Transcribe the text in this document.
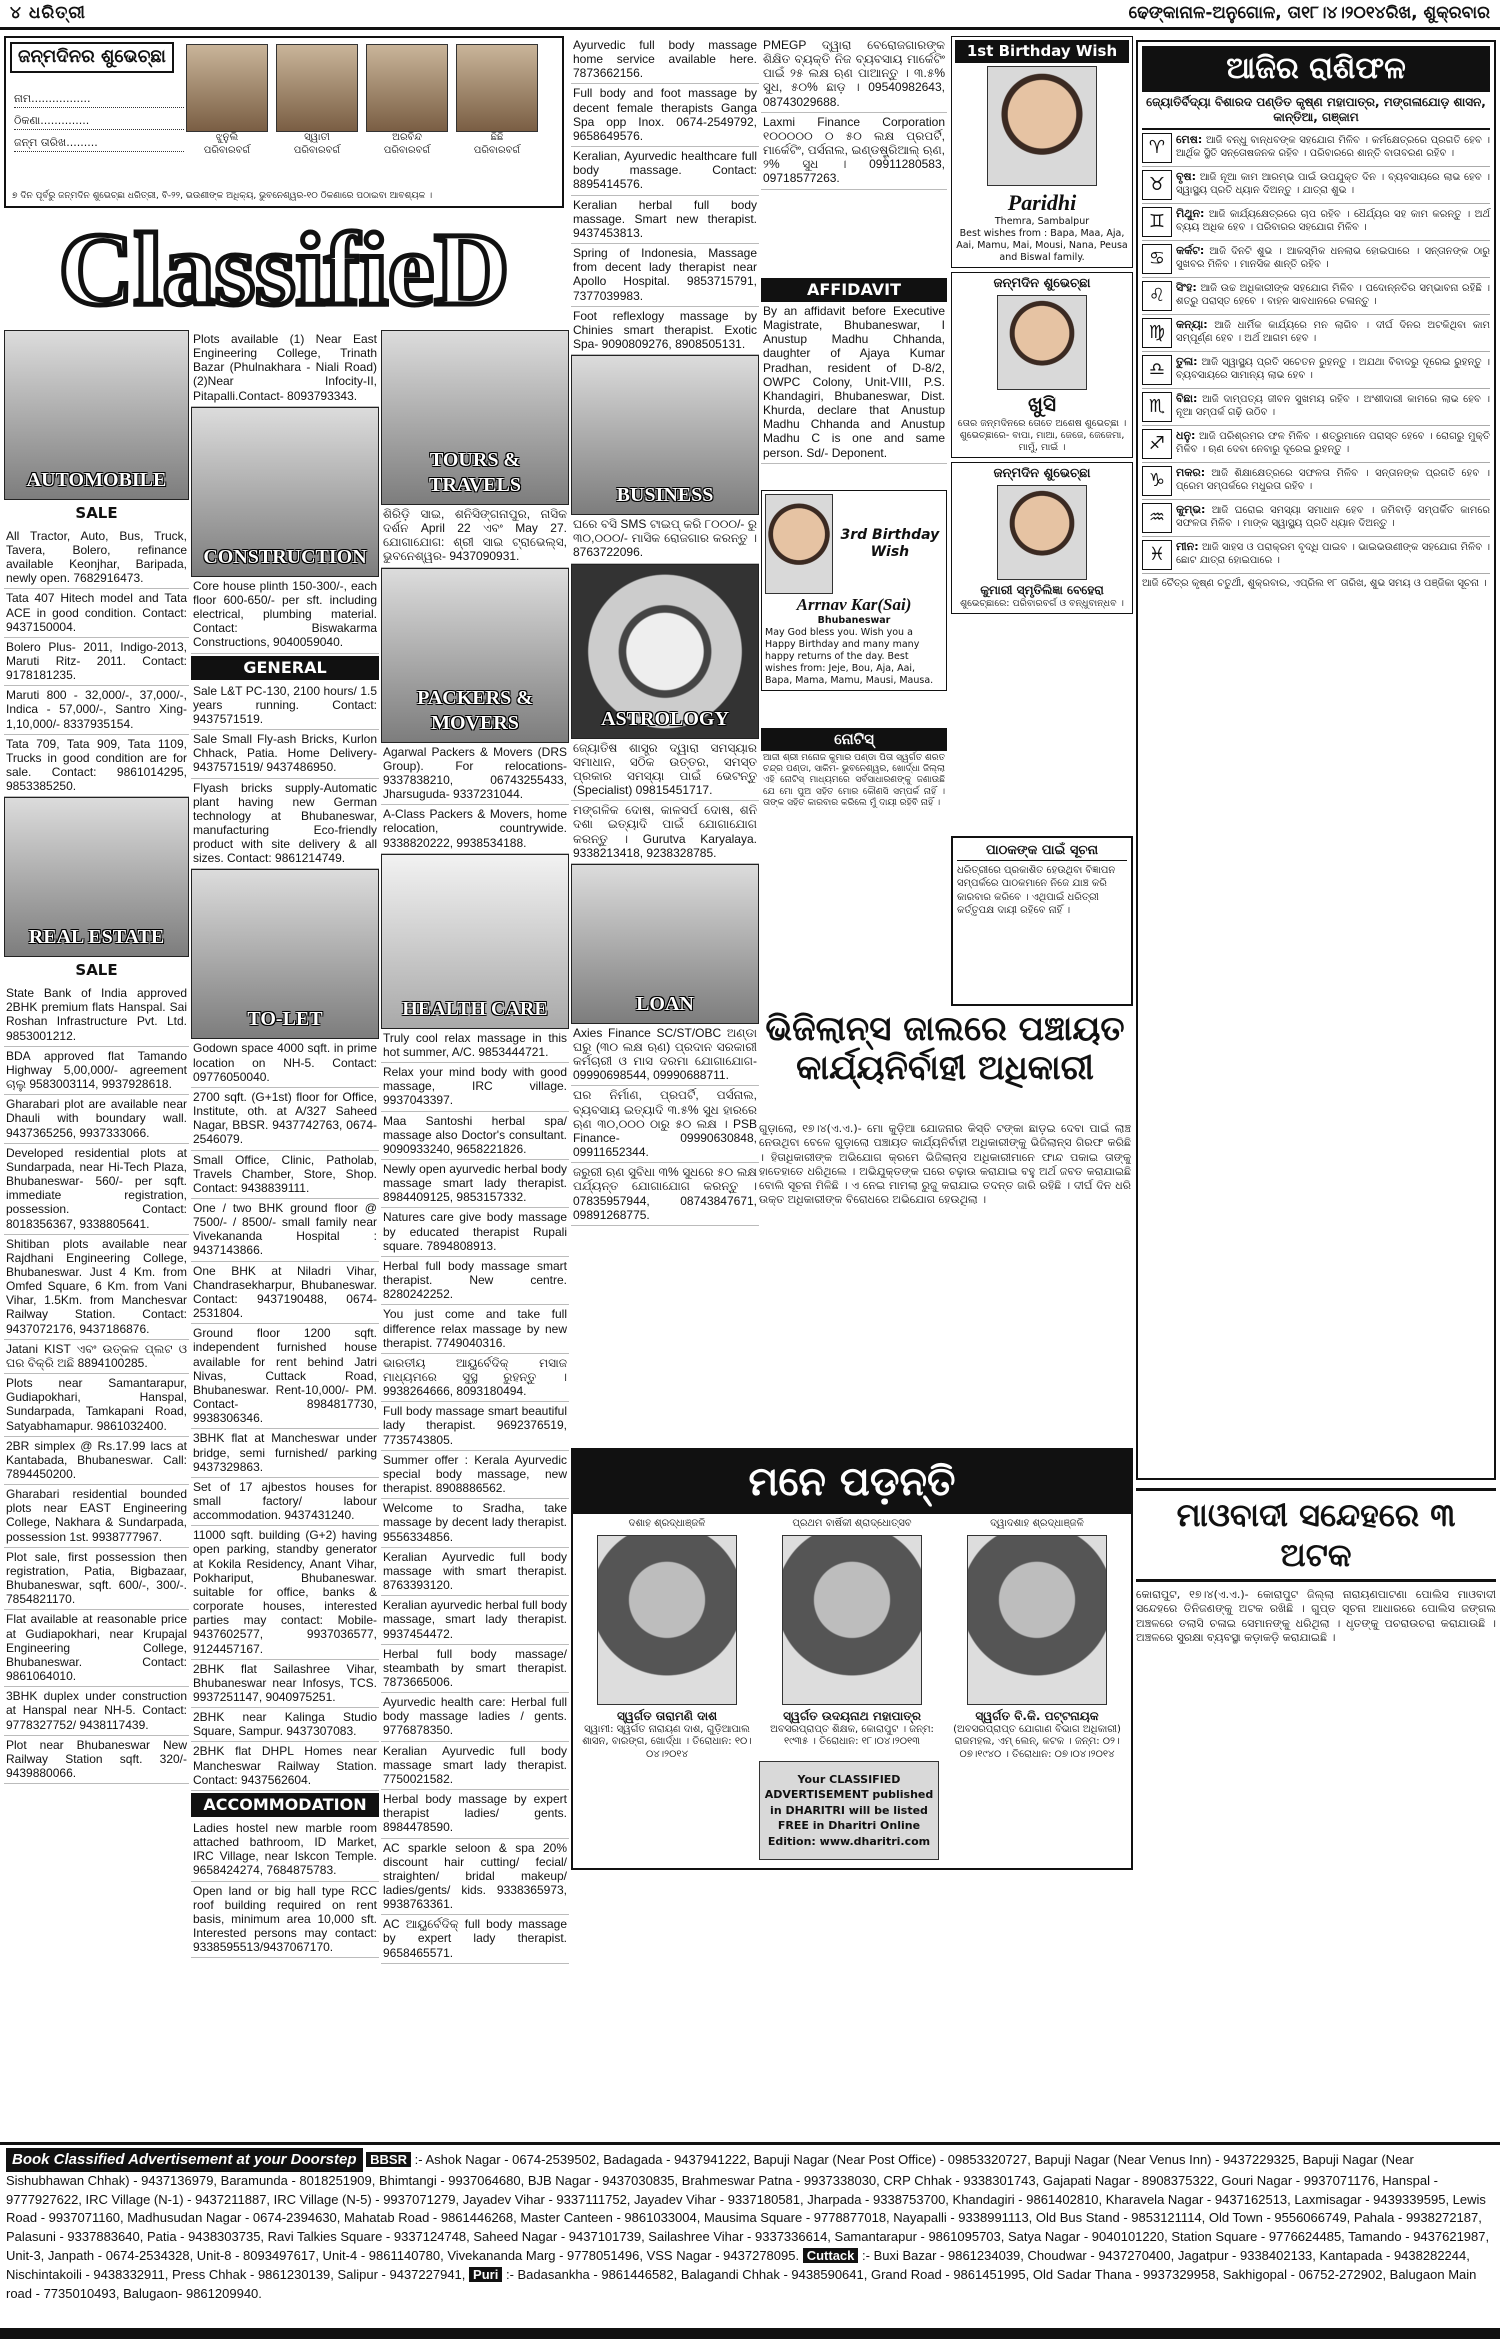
୪ ଧରିତ୍ରୀ	ଢେଙ୍କାନାଳ-ଅନୁଗୋଳ, ତା୧୮।୪।୨୦୧୪ରିଖ, ଶୁକ୍ରବାର
ଜନ୍ମଦିନର ଶୁଭେଚ୍ଛା
ନାମ.................
ଠିକଣା..............
ଜନ୍ମ ତାରିଖ.........	ଝୁନୁଲି
ପରିବାରବର୍ଗ
ସ୍ୱାତୀ
ପରିବାରବର୍ଗ
ଅରବିନ୍ଦ
ପରିବାରବର୍ଗ
ଛିଛି
ପରିବାରବର୍ଗ
୭ ଦିନ ପୂର୍ବରୁ ଜନ୍ମଦିନ ଶୁଭେଚ୍ଛା ଧରିତ୍ରୀ, ବି-୨୨, ଭଉଣୀଙ୍କ ଅଧିକ୍ୟ, ଭୁବନେଶ୍ୱର-୧୦ ଠିକଣାରେ ପଠାଇବା ଆବଶ୍ୟକ ।
ClassifieD
AUTOMOBILE
SALE
All Tractor, Auto, Bus, Truck, Tavera, Bolero, refinance available Keonjhar, Baripada, newly open. 7682916473.
Tata 407 Hitech model and Tata ACE in good condition. Contact: 9437150004.
Bolero Plus- 2011, Indigo-2013, Maruti Ritz- 2011. Contact: 9178181235.
Maruti 800 - 32,000/-, 37,000/-, Indica - 57,000/-, Santro Xing-1,10,000/- 8337935154.
Tata 709, Tata 909, Tata 1109, Trucks in good condition are for sale. Contact: 9861014295, 9853385250.
REAL ESTATE
SALE
State Bank of India approved 2BHK premium flats Hanspal. Sai Roshan Infrastructure Pvt. Ltd. 9853001212.
BDA approved flat Tamando Highway 5,00,000/- agreement ଚାଲୁ 9583003114, 9937928618.
Gharabari plot are available near Dhauli with boundary wall. 9437365256, 9937333066.
Developed residential plots at Sundarpada, near Hi-Tech Plaza, Bhubaneswar- 560/- per sqft. immediate registration, possession. Contact: 8018356367, 9338805641.
Shitiban plots available near Rajdhani Engineering College, Bhubaneswar. Just 4 Km. from Omfed Square, 6 Km. from Vani Vihar, 1.5Km. from Manchesvar Railway Station. Contact: 9437072176, 9437186876.
Jatani KIST ଏବଂ ଉତ୍କଳ ପ୍ଲଟ ଓ ଘର ବିକ୍ରି ଅଛି 8894100285.
Plots near Samantarapur, Gudiapokhari, Hanspal, Sundarpada, Tamkapani Road, Satyabhamapur. 9861032400.
2BR simplex @ Rs.17.99 lacs at Kantabada, Bhubaneswar. Call: 7894450200.
Gharabari residential bounded plots near EAST Engineering College, Nakhara & Sundarpada, possession 1st. 9938777967.
Plot sale, first possession then registration, Patia, Bigbazaar, Bhubaneswar, sqft. 600/-, 300/-. 7854821170.
Flat available at reasonable price at Gudiapokhari, near Krupajal Engineering College, Bhubaneswar. Contact: 9861064010.
3BHK duplex under construction at Hanspal near NH-5. Contact: 9778327752/ 9438117439.
Plot near Bhubaneswar New Railway Station sqft. 320/- 9439880066.
Plots available (1) Near East Engineering College, Trinath Bazar (Phulnakhara - Niali Road) (2)Near Infocity-II, Pitapalli.Contact- 8093793343.
CONSTRUCTION
Core house plinth 150-300/-, each floor 600-650/- per sft. including electrical, plumbing material. Contact: Biswakarma Constructions, 9040059040.
GENERAL
Sale L&T PC-130, 2100 hours/ 1.5 years running. Contact: 9437571519.
Sale Small Fly-ash Bricks, Kurlon Chhack, Patia. Home Delivery- 9437571519/ 9437486950.
Flyash bricks supply-Automatic plant having new German technology at Bhubaneswar, manufacturing Eco-friendly product with site delivery & all sizes. Contact: 9861214749.
TO-LET
Godown space 4000 sqft. in prime location on NH-5. Contact: 09776050040.
2700 sqft. (G+1st) floor for Office, Institute, oth. at A/327 Saheed Nagar, BBSR. 9437742763, 0674-2546079.
Small Office, Clinic, Patholab, Travels Chamber, Store, Shop. Contact: 9438839111.
One / two BHK ground floor @ 7500/- / 8500/- small family near Vivekananda Hospital : 9437143866.
One BHK at Niladri Vihar, Chandrasekharpur, Bhubaneswar. Contact: 9437190488, 0674-2531804.
Ground floor 1200 sqft. independent furnished house available for rent behind Jatri Nivas, Cuttack Road, Bhubaneswar. Rent-10,000/- PM. Contact- 8984817730, 9938306346.
3BHK flat at Mancheswar under bridge, semi furnished/ parking 9437329863.
Set of 17 ajbestos houses for small factory/ labour accommodation. 9437431240.
11000 sqft. building (G+2) having open parking, standby generator at Kokila Residency, Anant Vihar, Pokhariput, Bhubaneswar. suitable for office, banks & corporate houses, interested parties may contact: Mobile-9437602577, 9937036577, 9124457167.
2BHK flat Sailashree Vihar, Bhubaneswar near Infosys, TCS. 9937251147, 9040975251.
2BHK near Kalinga Studio Square, Sampur. 9437307083.
2BHK flat DHPL Homes near Mancheswar Railway Station. Contact: 9437562604.
ACCOMMODATION
Ladies hostel new marble room attached bathroom, ID Market, IRC Village, near Iskcon Temple. 9658424274, 7684875783.
Open land or big hall type RCC roof building required on rent basis, minimum area 10,000 sft. Interested persons may contact: 9338595513/9437067170.
TOURS & TRAVELS
ଶିରିଡ଼ି ସାଇ, ଶନିସିଙ୍ଗନାପୁର, ନାସିକ ଦର୍ଶନ April 22 ଏବଂ May 27. ଯୋଗାଯୋଗ: ଶ୍ରୀ ସାଇ ଟ୍ରାଭେଲ୍ସ, ଭୁବନେଶ୍ୱର- 9437090931.
PACKERS & MOVERS
Agarwal Packers & Movers (DRS Group). For relocations-9337838210, 06743255433, Jharsuguda- 9337231044.
A-Class Packers & Movers, home relocation, countrywide. 9338820222, 9938534188.
HEALTH CARE
Truly cool relax massage in this hot summer, A/C. 9853444721.
Relax your mind body with good massage, IRC village. 9937043397.
Maa Santoshi herbal spa/ massage also Doctor's consultant. 9090933240, 9658221826.
Newly open ayurvedic herbal body massage smart lady therapist. 8984409125, 9853157332.
Natures care give body massage by educated therapist Rupali square. 7894808913.
Herbal full body massage smart therapist. New centre. 8280242252.
You just come and take full difference relax massage by new therapist. 7749040316.
ଭାରତୀୟ ଆୟୁର୍ବେଦିକ୍ ମସାଜ ମାଧ୍ୟମରେ ସୁସ୍ଥ ରୁହନ୍ତୁ । 9938264666, 8093180494.
Full body massage smart beautiful lady therapist. 9692376519, 7735743805.
Summer offer : Kerala Ayurvedic special body massage, new therapist. 8908886562.
Welcome to Sradha, take massage by decent lady therapist. 9556334856.
Keralian Ayurvedic full body massage with smart therapist. 8763393120.
Keralian ayurvedic herbal full body massage, smart lady therapist. 9937454472.
Herbal full body massage/ steambath by smart therapist. 7873665006.
Ayurvedic health care: Herbal full body massage ladies / gents. 9776878350.
Keralian Ayurvedic full body massage smart lady therapist. 7750021582.
Herbal body massage by expert therapist ladies/ gents. 8984478590.
AC sparkle seloon & spa 20% discount hair cutting/ fecial/ straighten/ bridal makeup/ ladies/gents/ kids. 9338365973, 9938763361.
AC ଆୟୁର୍ବେଦିକ୍ full body massage by expert lady therapist. 9658465571.
Ayurvedic full body massage home service available here. 7873662156.
Full body and foot massage by decent female therapists Ganga Spa opp Inox. 0674-2549792, 9658649576.
Keralian, Ayurvedic healthcare full body massage. Contact: 8895414576.
Keralian herbal full body massage. Smart new therapist. 9437453813.
Spring of Indonesia, Massage from decent lady therapist near Apollo Hospital. 9853715791, 7377039983.
Foot reflexlogy massage by Chinies smart therapist. Exotic Spa- 9090809276, 8908505131.
BUSINESS
ଘରେ ବସି SMS ଟାଇପ୍ କରି ୮୦୦୦/- ରୁ ୩୦,୦୦୦/- ମାସିକ ରୋଜଗାର କରନ୍ତୁ । 8763722096.
ASTROLOGY
ଜ୍ୟୋତିଷ ଶାସ୍ତ୍ର ଦ୍ୱାରା ସମସ୍ୟାର ସମାଧାନ, ସଠିକ ଉତ୍ତର, ସମସ୍ତ ପ୍ରକାର ସମସ୍ୟା ପାଇଁ ଭେଟନ୍ତୁ (Specialist) 09815451717.
ମଙ୍ଗଳିକ ଦୋଷ, କାଳସର୍ପ ଦୋଷ, ଶନି ଦଶା ଇତ୍ୟାଦି ପାଇଁ ଯୋଗାଯୋଗ କରନ୍ତୁ । Gurutva Karyalaya. 9338213418, 9238328785.
LOAN
Axies Finance SC/ST/OBC ଅଣ୍ଡା ଘରୁ (୩୦ ଲକ୍ଷ ଋଣ) ପ୍ରଦାନ ସରକାରୀ କର୍ମଚାରୀ ଓ ମାସ ଦରମା ଯୋଗାଯୋଗ- 09990698544, 09990688711.
ଘର ନିର୍ମାଣ, ପ୍ରପର୍ଟି, ପର୍ସନାଲ, ବ୍ୟବସାୟ ଇତ୍ୟାଦି ୩.୫% ସୁଧ ହାରରେ ଋଣ ୩୦,୦୦୦ ଠାରୁ ୫୦ ଲକ୍ଷ । PSB Finance- 09990630848, 09911652344.
ଜରୁରୀ ଋଣ ସୁବିଧା ୩% ସୁଧରେ ୫୦ ଲକ୍ଷ ପର୍ଯ୍ୟନ୍ତ ଯୋଗାଯୋଗ କରନ୍ତୁ । 07835957944, 08743847671, 09891268775.
PMEGP ଦ୍ୱାରା ବେରୋଜଗାରଙ୍କ ଶିକ୍ଷିତ ବ୍ୟକ୍ତି ନିଜ ବ୍ୟବସାୟ ମାର୍କେଟିଂ ପାଇଁ ୨୫ ଲକ୍ଷ ଋଣ ପାଆନ୍ତୁ । ୩.୫% ସୁଧ, ୫୦% ଛାଡ଼ । 09540982643, 08743029688.
Laxmi Finance Corporation ୧୦୦୦୦୦ ୦ ୫୦ ଲକ୍ଷ ପ୍ରପର୍ଟି, ମାର୍କେଟିଂ, ପର୍ସନାଲ, ଇଣ୍ଡଷ୍ଟ୍ରିଆଲ୍ ଋଣ, ୨% ସୁଧ । 09911280583, 09718577263.
AFFIDAVIT
By an affidavit before Executive Magistrate, Bhubaneswar, I Anustup Madhu Chhanda, daughter of Ajaya Kumar Pradhan, resident of D-8/2, OWPC Colony, Unit-VIII, P.S. Khandagiri, Bhubaneswar, Dist. Khurda, declare that Anustup Madhu Chhanda and Anustup Madhu C is one and same person. Sd/- Deponent.
3rd Birthday Wish
Arrnav Kar(Sai)
Bhubaneswar
May God bless you. Wish you a Happy Birthday and many many happy returns of the day. Best wishes from: Jeje, Bou, Aja, Aai, Bapa, Mama, Mamu, Mausi, Mausa.
ନୋଟିସ୍

ଆଜୀ ଶ୍ରୀ ମନୋଜ କୁମାର ପଣ୍ଡା ପିତା ସ୍ୱର୍ଗତ ଶରତ ଚନ୍ଦ୍ର ପଣ୍ଡା, ସାକିମ- ଭୁବନେଶ୍ୱର, ଖୋର୍ଦ୍ଧା ଜିଲ୍ଲା ଏହି ନୋଟିସ୍ ମାଧ୍ୟମରେ ସର୍ବସାଧାରଣଙ୍କୁ ଜଣାଉଛି ଯେ ମୋ ପୁଅ ସହିତ ମୋର କୌଣସି ସମ୍ପର୍କ ନାହିଁ । ତାଙ୍କ ସହିତ କାରବାର କରିଲେ ମୁଁ ଦାୟୀ ରହିବି ନାହିଁ ।

1st Birthday Wish
Paridhi
Themra, Sambalpur
Best wishes from : Bapa, Maa, Aja, Aai, Mamu, Mai, Mousi, Nana, Peusa and Biswal family.
ଜନ୍ମଦିନ ଶୁଭେଚ୍ଛା
ଖୁସି
ତୋର ଜନ୍ମଦିନରେ ତୋତେ ଅଶେଷ ଶୁଭେଚ୍ଛା । ଶୁଭେଚ୍ଛାରେ- ବାପା, ମାଆ, ଜେଜେ, ଜେଜେମା, ମାମୁଁ, ମାଇଁ ।
ଜନ୍ମଦିନ ଶୁଭେଚ୍ଛା
କୁମାରୀ ସ୍ମୃତିଲିଜ୍ଞା ବେହେରା
ଶୁଭେଚ୍ଛାରେ: ପରିବାରବର୍ଗ ଓ ବନ୍ଧୁବାନ୍ଧବ ।
ପାଠକଙ୍କ ପାଇଁ ସୂଚନା
ଧରିତ୍ରୀରେ ପ୍ରକାଶିତ ହେଉଥିବା ବିଜ୍ଞାପନ ସମ୍ପର୍କରେ ପାଠକମାନେ ନିଜେ ଯାଞ୍ଚ କରି କାରବାର କରିବେ । ଏଥିପାଇଁ ଧରିତ୍ରୀ କର୍ତ୍ତୃପକ୍ଷ ଦାୟୀ ରହିବେ ନାହିଁ ।
ଭିଜିଲାନ୍ସ ଜାଲରେ ପଞ୍ଚାୟତ କାର୍ଯ୍ୟନିର୍ବାହୀ ଅଧିକାରୀ
ଗୁଡ଼ାଲୋ, ୧୭।୪(ଏ.ଏ.)- ମୋ କୁଡ଼ିଆ ଯୋଜନାର କିସ୍ତି ଟଙ୍କା ଛାଡ଼ଇ ଦେବା ପାଇଁ ଲାଞ୍ଚ ନେଉଥିବା ବେଳେ ଗୁଡ଼ାଲୋ ପଞ୍ଚାୟତ କାର୍ଯ୍ୟନିର୍ବାହୀ ଅଧିକାରୀଙ୍କୁ ଭିଜିଲାନ୍ସ ଗିରଫ କରିଛି । ହିତାଧିକାରୀଙ୍କ ଅଭିଯୋଗ କ୍ରମେ ଭିଜିଲାନ୍ସ ଅଧିକାରୀମାନେ ଫାନ୍ଦ ପକାଇ ତାଙ୍କୁ ହାତେହାତେ ଧରିଥିଲେ । ଅଭିଯୁକ୍ତଙ୍କ ଘରେ ଚଢ଼ାଉ କରାଯାଇ ବହୁ ଅର୍ଥ ଜବତ କରାଯାଇଛି ବୋଲି ସୂଚନା ମିଳିଛି । ଏ ନେଇ ମାମଲା ରୁଜୁ କରାଯାଇ ତଦନ୍ତ ଜାରି ରହିଛି । ଦୀର୍ଘ ଦିନ ଧରି ଉକ୍ତ ଅଧିକାରୀଙ୍କ ବିରୋଧରେ ଅଭିଯୋଗ ହେଉଥିଲା ।
ମନେ ପଡ଼ନ୍ତି
ଦଶାହ ଶ୍ରଦ୍ଧାଞ୍ଜଳି
ସ୍ୱର୍ଗତ ତାରାମଣି ଦାଶ
ସ୍ୱାମୀ: ସ୍ୱର୍ଗତ ନାରାୟଣ ଦାଶ, ଗୁଡ଼ିଆପାଲ ଶାସନ, ବାରଙ୍ଗ, ଖୋର୍ଦ୍ଧା । ତିରୋଧାନ: ୧୦।୦୪।୨୦୧୪
ପ୍ରଥମ ବାର୍ଷିକୀ ଶ୍ରାଦ୍ଧୋତ୍ସବ
ସ୍ୱର୍ଗତ ଉଦୟନାଥ ମହାପାତ୍ର
ଅବସରପ୍ରାପ୍ତ ଶିକ୍ଷକ, କୋରାପୁଟ । ଜନ୍ମ: ୧୯୩୫ । ତିରୋଧାନ: ୧୮।୦୪।୨୦୧୩
ଦ୍ୱାଦଶାହ ଶ୍ରଦ୍ଧାଞ୍ଜଳି
ସ୍ୱର୍ଗତ ବି.କି. ପଟ୍ଟନାୟକ
(ଅବସରପ୍ରାପ୍ତ ଯୋଗାଣ ବିଭାଗ ଅଧିକାରୀ) ରାଜମହଲ, ଏମ୍ ଲେନ୍, କଟକ । ଜନ୍ମ: ୦୨।୦୭।୧୯୪୦ । ତିରୋଧାନ: ୦୭।୦୪।୨୦୧୪
Your CLASSIFIED ADVERTISEMENT published in DHARITRI will be listed FREE in Dharitri Online Edition: www.dharitri.com
ଆଜିର ରାଶିଫଳ
ଜ୍ୟୋତିର୍ବିଦ୍ୟା ବିଶାରଦ ପଣ୍ଡିତ କୃଷ୍ଣ ମହାପାତ୍ର, ମଙ୍ଗଳାଯୋଡ଼ ଶାସନ, କାନ୍ତିଆ, ଗଞ୍ଜାମ
♈ ମେଷ: ଆଜି ବନ୍ଧୁ ବାନ୍ଧବଙ୍କ ସହଯୋଗ ମିଳିବ । କର୍ମକ୍ଷେତ୍ରରେ ପ୍ରଗତି ହେବ । ଆର୍ଥିକ ସ୍ଥିତି ସନ୍ତୋଷଜନକ ରହିବ । ପରିବାରରେ ଶାନ୍ତି ବାତାବରଣ ରହିବ ।
♉ ବୃଷ: ଆଜି ନୂଆ କାମ ଆରମ୍ଭ ପାଇଁ ଉପଯୁକ୍ତ ଦିନ । ବ୍ୟବସାୟରେ ଲାଭ ହେବ । ସ୍ୱାସ୍ଥ୍ୟ ପ୍ରତି ଧ୍ୟାନ ଦିଅନ୍ତୁ । ଯାତ୍ରା ଶୁଭ ।
♊ ମିଥୁନ: ଆଜି କାର୍ଯ୍ୟକ୍ଷେତ୍ରରେ ଚାପ ରହିବ । ଧୈର୍ଯ୍ୟର ସହ କାମ କରନ୍ତୁ । ଅର୍ଥ ବ୍ୟୟ ଅଧିକ ହେବ । ପରିବାରର ସହଯୋଗ ମିଳିବ ।
♋ କର୍କଟ: ଆଜି ଦିନଟି ଶୁଭ । ଆକସ୍ମିକ ଧନଲାଭ ହୋଇପାରେ । ସନ୍ତାନଙ୍କ ଠାରୁ ସୁଖବର ମିଳିବ । ମାନସିକ ଶାନ୍ତି ରହିବ ।
♌ ସିଂହ: ଆଜି ଉଚ୍ଚ ଅଧିକାରୀଙ୍କ ସହଯୋଗ ମିଳିବ । ପଦୋନ୍ନତିର ସମ୍ଭାବନା ରହିଛି । ଶତ୍ରୁ ପରାସ୍ତ ହେବେ । ବାହନ ସାବଧାନରେ ଚଳାନ୍ତୁ ।
♍ କନ୍ୟା: ଆଜି ଧାର୍ମିକ କାର୍ଯ୍ୟରେ ମନ ଲାଗିବ । ଦୀର୍ଘ ଦିନର ଅଟକିଥିବା କାମ ସମ୍ପୂର୍ଣ୍ଣ ହେବ । ଅର୍ଥ ଆଗମ ହେବ ।
♎ ତୁଳା: ଆଜି ସ୍ୱାସ୍ଥ୍ୟ ପ୍ରତି ସଚେତନ ରୁହନ୍ତୁ । ଅଯଥା ବିବାଦରୁ ଦୂରେଇ ରୁହନ୍ତୁ । ବ୍ୟବସାୟରେ ସାମାନ୍ୟ ଲାଭ ହେବ ।
♏ ବିଛା: ଆଜି ଦାମ୍ପତ୍ୟ ଜୀବନ ସୁଖମୟ ରହିବ । ଅଂଶୀଦାରୀ କାମରେ ଲାଭ ହେବ । ନୂଆ ସମ୍ପର୍କ ଗଢ଼ି ଉଠିବ ।
♐ ଧନୁ: ଆଜି ପରିଶ୍ରମର ଫଳ ମିଳିବ । ଶତ୍ରୁମାନେ ପରାସ୍ତ ହେବେ । ରୋଗରୁ ମୁକ୍ତି ମିଳିବ । ଋଣ ଦେବା ନେବାରୁ ଦୂରେଇ ରୁହନ୍ତୁ ।
♑ ମକର: ଆଜି ଶିକ୍ଷାକ୍ଷେତ୍ରରେ ସଫଳତା ମିଳିବ । ସନ୍ତାନଙ୍କ ପ୍ରଗତି ହେବ । ପ୍ରେମ ସମ୍ପର୍କରେ ମଧୁରତା ରହିବ ।
♒ କୁମ୍ଭ: ଆଜି ଘରୋଇ ସମସ୍ୟା ସମାଧାନ ହେବ । ଜମିବାଡ଼ି ସମ୍ପର୍କିତ କାମରେ ସଫଳତା ମିଳିବ । ମାଙ୍କ ସ୍ୱାସ୍ଥ୍ୟ ପ୍ରତି ଧ୍ୟାନ ଦିଅନ୍ତୁ ।
♓ ମୀନ: ଆଜି ସାହସ ଓ ପରାକ୍ରମ ବୃଦ୍ଧି ପାଇବ । ଭାଇଭଉଣୀଙ୍କ ସହଯୋଗ ମିଳିବ । ଛୋଟ ଯାତ୍ରା ହୋଇପାରେ ।
ଆଜି ଚୈତ୍ର କୃଷ୍ଣ ଚତୁର୍ଥୀ, ଶୁକ୍ରବାର, ଏପ୍ରିଲ ୧୮ ତାରିଖ, ଶୁଭ ସମୟ ଓ ପଞ୍ଜିକା ସୂଚନା ।
ମାଓବାଦୀ ସନ୍ଦେହରେ ୩ ଅଟକ

କୋରାପୁଟ, ୧୭।୪(ଏ.ଏ.)- କୋରାପୁଟ ଜିଲ୍ଲା ନାରାୟଣପାଟଣା ପୋଲିସ ମାଓବାଦୀ ସନ୍ଦେହରେ ତିନିଜଣଙ୍କୁ ଅଟକ ରଖିଛି । ଗୁପ୍ତ ସୂଚନା ଆଧାରରେ ପୋଲିସ ଜଙ୍ଗଲ ଅଞ୍ଚଳରେ ତଲାସି ଚଳାଇ ସେମାନଙ୍କୁ ଧରିଥିଲା । ଧୃତଙ୍କୁ ପଚରାଉଚରା କରାଯାଉଛି । ଅଞ୍ଚଳରେ ସୁରକ୍ଷା ବ୍ୟବସ୍ଥା କଡ଼ାକଡ଼ି କରାଯାଇଛି ।

Book Classified Advertisement at your Doorstep BBSR :- Ashok Nagar - 0674-2539502, Badagada - 9437941222, Bapuji Nagar (Near Post Office) - 09853320727, Bapuji Nagar (Near Venus Inn) - 9437229325, Bapuji Nagar (Near Sishubhawan Chhak) - 9437136979, Baramunda - 8018251909, Bhimtangi - 9937064680, BJB Nagar - 9437030835, Brahmeswar Patna - 9937338030, CRP Chhak - 9338301743, Gajapati Nagar - 8908375322, Gouri Nagar - 9937071176, Hanspal - 9777927622, IRC Village (N-1) - 9437211887, IRC Village (N-5) - 9937071279, Jayadev Vihar - 9337111752, Jayadev Vihar - 9337180581, Jharpada - 9338753700, Khandagiri - 9861402810, Kharavela Nagar - 9437162513, Laxmisagar - 9439339595, Lewis Road - 9937071160, Madhusudan Nagar - 0674-2394630, Mahatab Road - 9861446268, Master Canteen - 9861033004, Mausima Square - 9778877018, Nayapalli - 9338991113, Old Bus Stand - 9853121114, Old Town - 9556066749, Pahala - 9938272187, Palasuni - 9337883640, Patia - 9438303735, Ravi Talkies Square - 9337124748, Saheed Nagar - 9437101739, Sailashree Vihar - 9337336614, Samantarapur - 9861095703, Satya Nagar - 9040101220, Station Square - 9776624485, Tamando - 9437621987, Unit-3, Janpath - 0674-2534328, Unit-8 - 8093497617, Unit-4 - 9861140780, Vivekananda Marg - 9778051496, VSS Nagar - 9437278095. Cuttack :- Buxi Bazar - 9861234039, Choudwar - 9437270400, Jagatpur - 9338402133, Kantapada - 9438282244, Nischintakoili - 9438332911, Press Chhak - 9861230139, Salipur - 9437227941, Puri :- Badasankha - 9861446582, Balagandi Chhak - 9438590641, Grand Road - 9861451995, Old Sadar Thana - 9937329958, Sakhigopal - 06752-272902, Balugaon Main road - 7735010493, Balugaon- 9861209940.
